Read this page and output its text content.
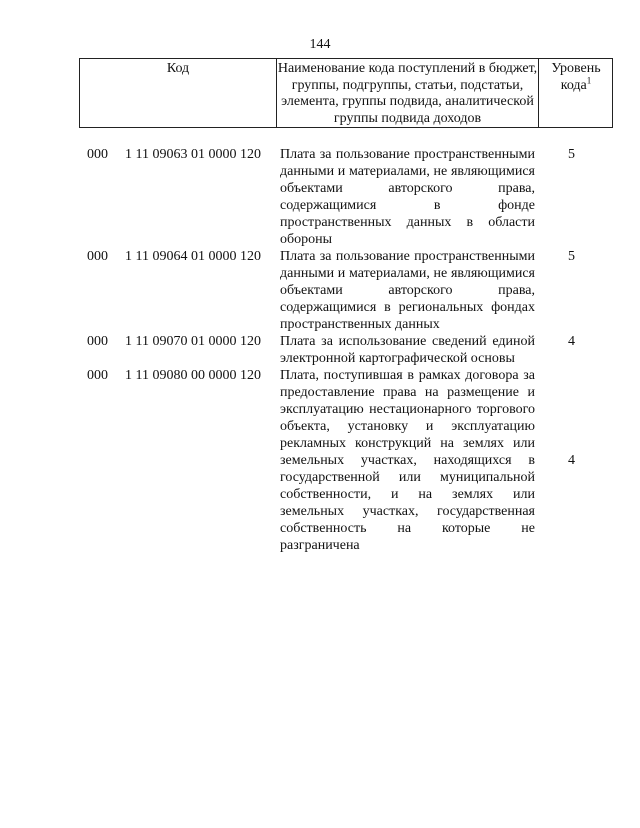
144
Код	Наименование кода поступлений в бюджет, группы, подгруппы, статьи, подстатьи, элемента, группы подвида, аналитической группы подвида доходов
Уровень кода$^1$
000 1 11 09063 01 0000 120 Плата за пользование пространственными данными и материалами, не являющимися объектами авторского права, содержащимися в фонде пространственных данных в области обороны
5
000 1 11 09064 01 0000 120 Плата за пользование пространственными данными и материалами, не являющимися объектами авторского права, содержащимися в региональных фондах пространственных данных
5
000 1 11 09070 01 0000 120 Плата за использование сведений единой электронной картографической основы
4
000 1 11 09080 00 0000 120 Плата, поступившая в рамках договора за предоставление права на размещение и эксплуатацию нестационарного торгового объекта, установку и эксплуатацию рекламных конструкций на землях или земельных участках, находящихся в государственной или муниципальной собственности, и на землях или земельных участках, государственная собственность на которые не разграничена
4
